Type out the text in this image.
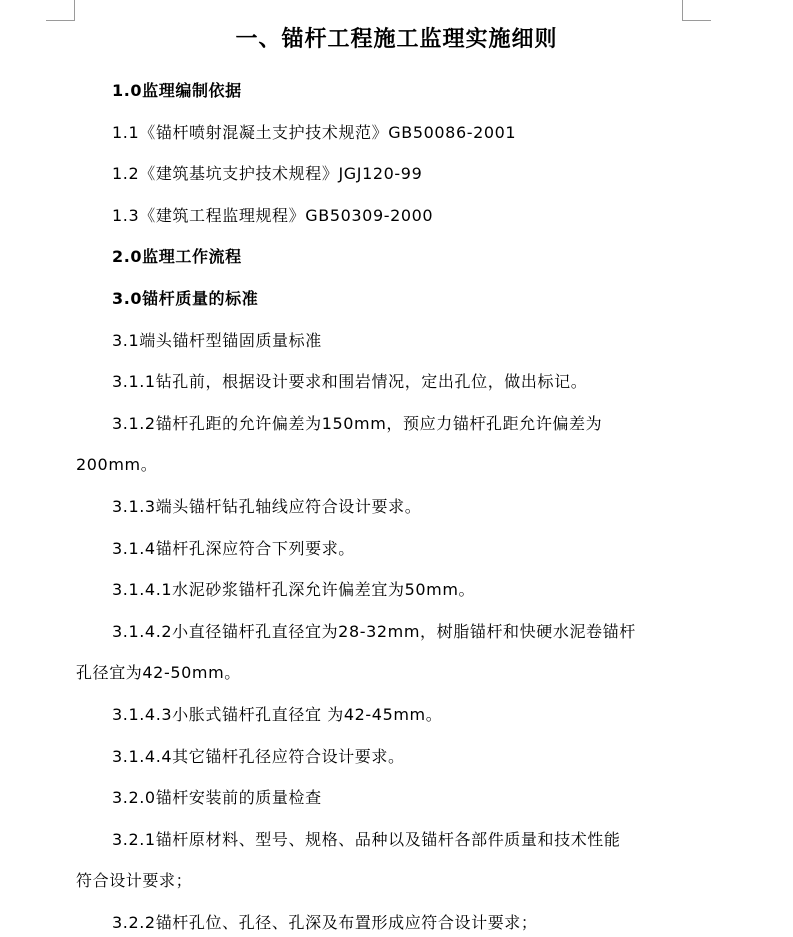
一、锚杆工程施工监理实施细则
1.0监理编制依据
1.1《锚杆喷射混凝土支护技术规范》GB50086-2001
1.2《建筑基坑支护技术规程》JGJ120-99
1.3《建筑工程监理规程》GB50309-2000
2.0监理工作流程
3.0锚杆质量的标准
3.1端头锚杆型锚固质量标准
3.1.1钻孔前，根据设计要求和围岩情况，定出孔位，做出标记。
3.1.2锚杆孔距的允许偏差为150mm，预应力锚杆孔距允许偏差为
200mm。
3.1.3端头锚杆钻孔轴线应符合设计要求。
3.1.4锚杆孔深应符合下列要求。
3.1.4.1水泥砂浆锚杆孔深允许偏差宜为50mm。
3.1.4.2小直径锚杆孔直径宜为28-32mm，树脂锚杆和快硬水泥卷锚杆
孔径宜为42-50mm。
3.1.4.3小胀式锚杆孔直径宜 为42-45mm。
3.1.4.4其它锚杆孔径应符合设计要求。
3.2.0锚杆安装前的质量检查
3.2.1锚杆原材料、型号、规格、品种以及锚杆各部件质量和技术性能
符合设计要求；
3.2.2锚杆孔位、孔径、孔深及布置形成应符合设计要求；
